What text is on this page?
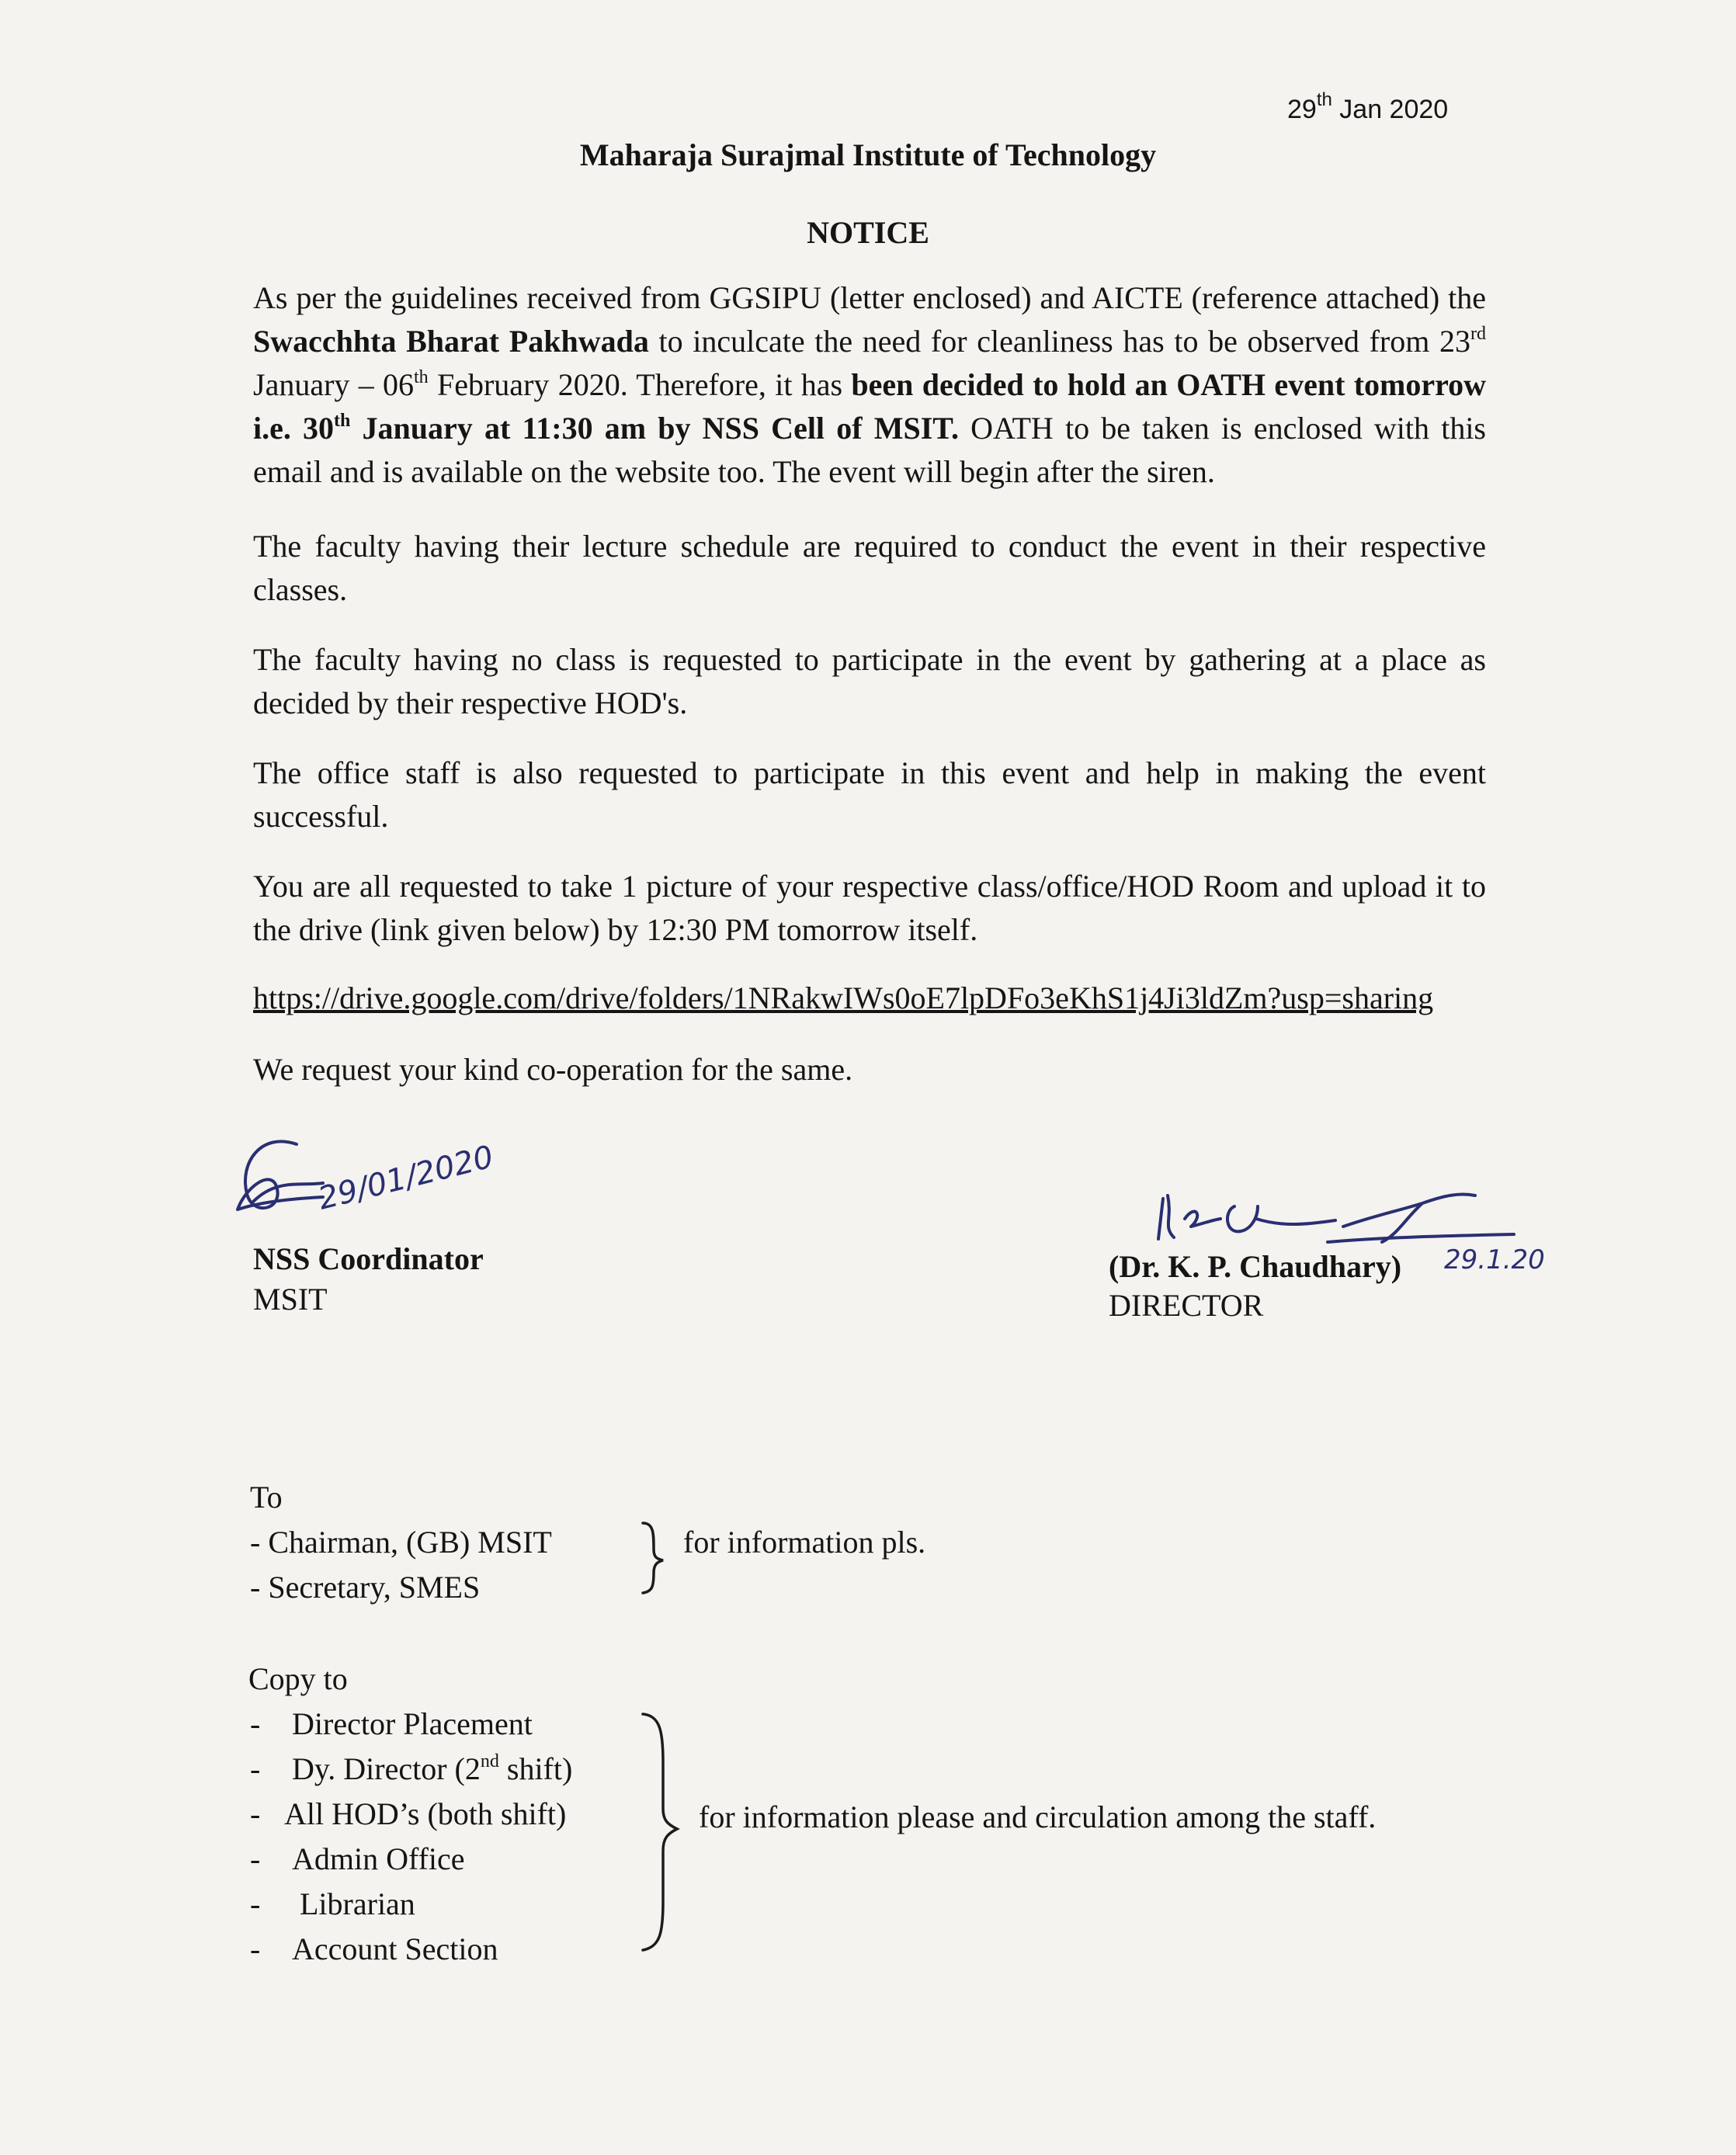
29th Jan 2020
Maharaja Surajmal Institute of Technology
NOTICE
As per the guidelines received from GGSIPU (letter enclosed) and AICTE (reference attached) the Swacchhta Bharat Pakhwada to inculcate the need for cleanliness has to be observed from 23rd January – 06th February 2020. Therefore, it has been decided to hold an OATH event tomorrow i.e. 30th January at 11:30 am by NSS Cell of MSIT. OATH to be taken is enclosed with this email and is available on the website too. The event will begin after the siren.
The faculty having their lecture schedule are required to conduct the event in their respective classes.
The faculty having no class is requested to participate in the event by gathering at a place as decided by their respective HOD's.
The office staff is also requested to participate in this event and help in making the event successful.
You are all requested to take 1 picture of your respective class/office/HOD Room and upload it to the drive (link given below) by 12:30 PM tomorrow itself.
https://drive.google.com/drive/folders/1NRakwIWs0oE7lpDFo3eKhS1j4Ji3ldZm?usp=sharing
We request your kind co-operation for the same.
29/01/2020
NSS Coordinator
MSIT
(Dr. K. P. Chaudhary) 29.1.20
DIRECTOR
To
- Chairman, (GB) MSIT
- Secretary, SMES
for information pls.
Copy to
- Director Placement
- Dy. Director (2nd shift)
- All HOD’s (both shift)
- Admin Office
- Librarian
- Account Section
for information please and circulation among the staff.
